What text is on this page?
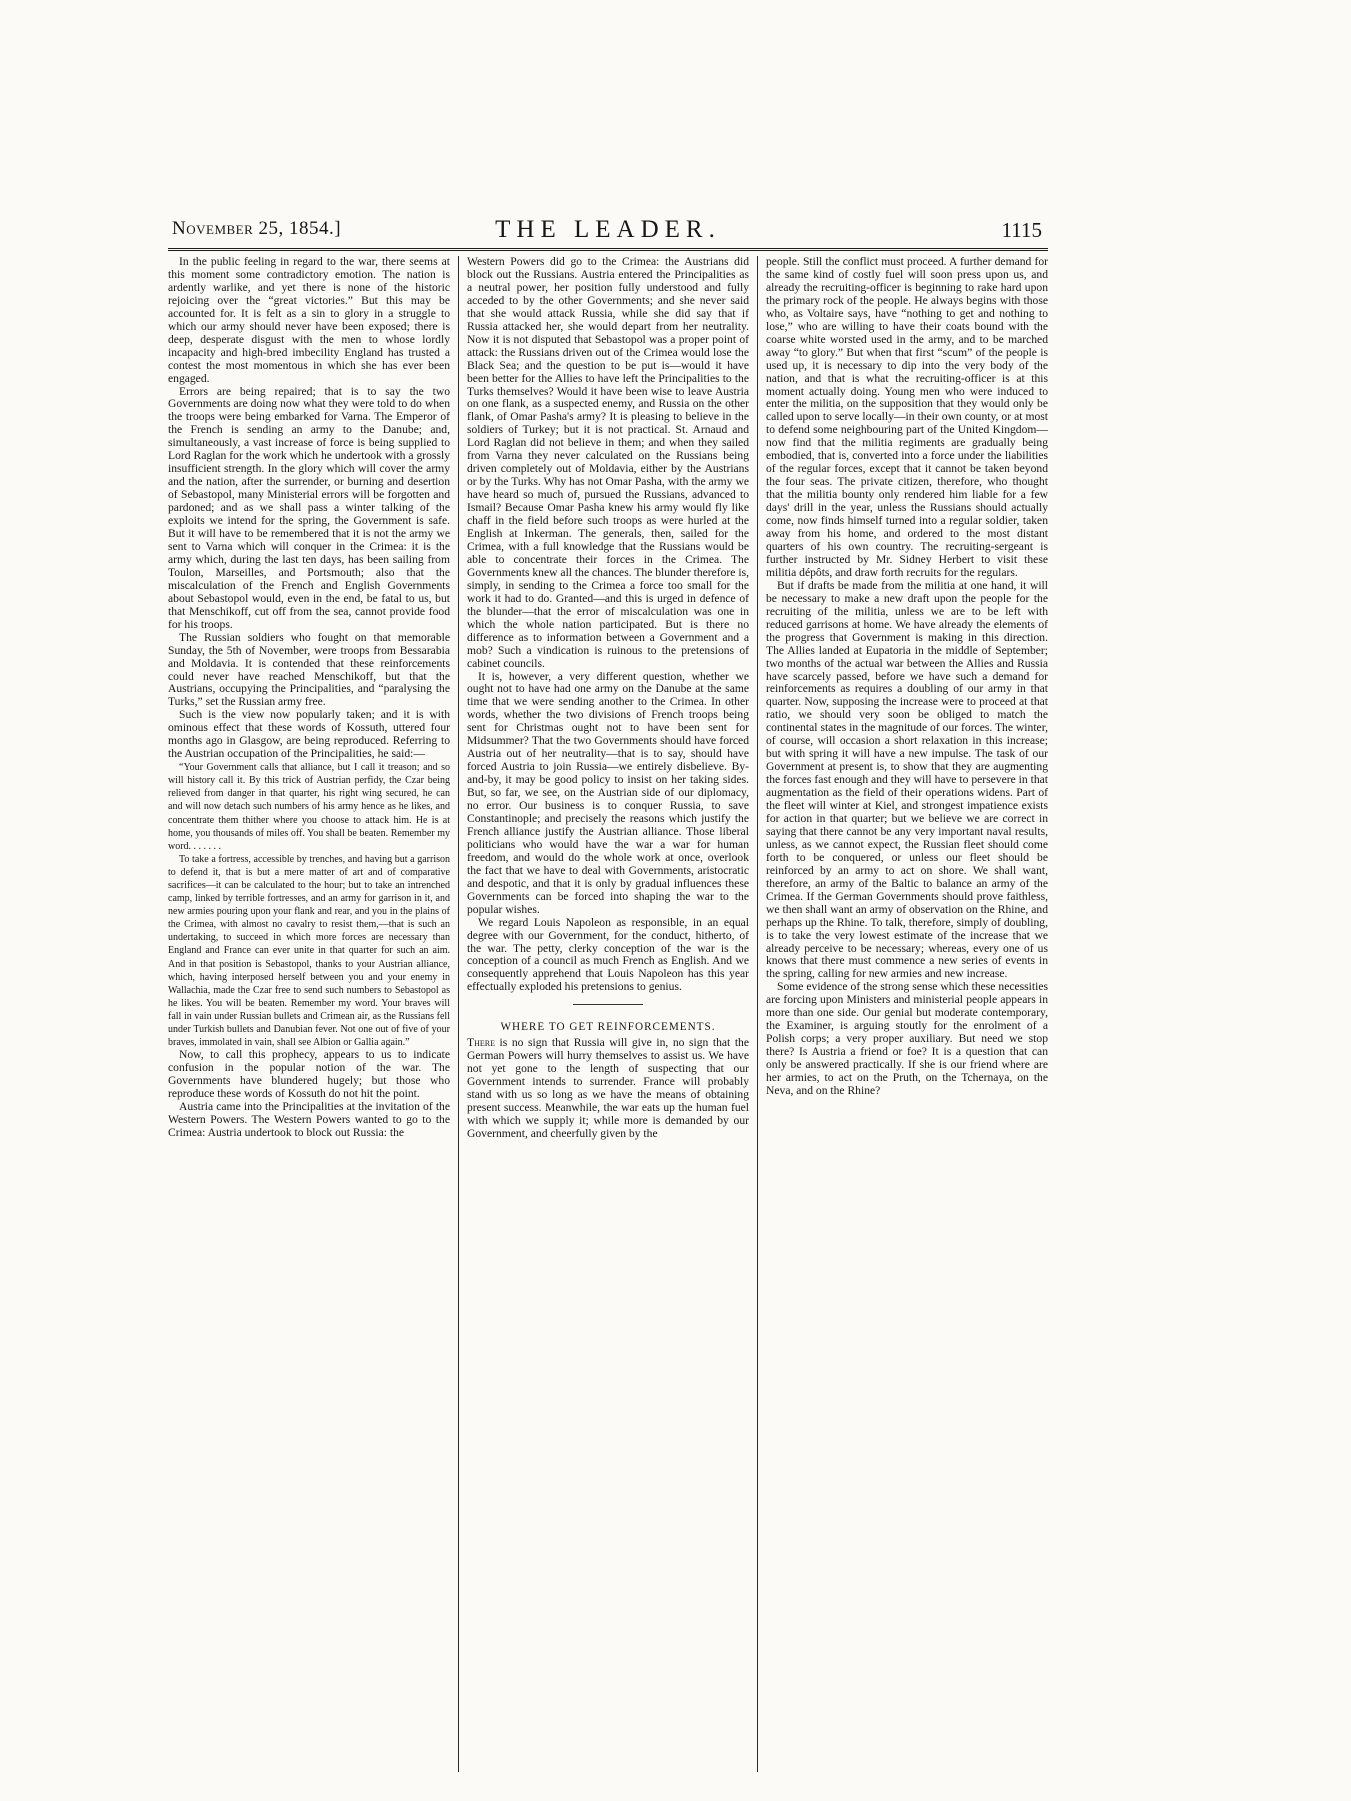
November 25, 1854.]	THE LEADER.	1115

In the public feeling in regard to the war, there seems at this moment some contradictory emotion. The nation is ardently warlike, and yet there is none of the historic rejoicing over the “great victories.” But this may be accounted for. It is felt as a sin to glory in a struggle to which our army should never have been exposed; there is deep, desperate disgust with the men to whose lordly incapacity and high-bred imbecility England has trusted a contest the most momentous in which she has ever been engaged.

Errors are being repaired; that is to say the two Governments are doing now what they were told to do when the troops were being embarked for Varna. The Emperor of the French is sending an army to the Danube; and, simultaneously, a vast increase of force is being supplied to Lord Raglan for the work which he undertook with a grossly insufficient strength. In the glory which will cover the army and the nation, after the surrender, or burning and desertion of Sebastopol, many Ministerial errors will be forgotten and pardoned; and as we shall pass a winter talking of the exploits we intend for the spring, the Government is safe. But it will have to be remembered that it is not the army we sent to Varna which will conquer in the Crimea: it is the army which, during the last ten days, has been sailing from Toulon, Marseilles, and Portsmouth; also that the miscalculation of the French and English Governments about Sebastopol would, even in the end, be fatal to us, but that Menschikoff, cut off from the sea, cannot provide food for his troops.

The Russian soldiers who fought on that memorable Sunday, the 5th of November, were troops from Bessarabia and Moldavia. It is contended that these reinforcements could never have reached Menschikoff, but that the Austrians, occupying the Principalities, and “paralysing the Turks,” set the Russian army free.

Such is the view now popularly taken; and it is with ominous effect that these words of Kossuth, uttered four months ago in Glasgow, are being reproduced. Referring to the Austrian occupation of the Principalities, he said:—

“Your Government calls that alliance, but I call it treason; and so will history call it. By this trick of Austrian perfidy, the Czar being relieved from danger in that quarter, his right wing secured, he can and will now detach such numbers of his army hence as he likes, and concentrate them thither where you choose to attack him. He is at home, you thousands of miles off. You shall be beaten. Remember my word. . . . . . .

To take a fortress, accessible by trenches, and having but a garrison to defend it, that is but a mere matter of art and of comparative sacrifices—it can be calculated to the hour; but to take an intrenched camp, linked by terrible fortresses, and an army for garrison in it, and new armies pouring upon your flank and rear, and you in the plains of the Crimea, with almost no cavalry to resist them,—that is such an undertaking, to succeed in which more forces are necessary than England and France can ever unite in that quarter for such an aim. And in that position is Sebastopol, thanks to your Austrian alliance, which, having interposed herself between you and your enemy in Wallachia, made the Czar free to send such numbers to Sebastopol as he likes. You will be beaten. Remember my word. Your braves will fall in vain under Russian bullets and Crimean air, as the Russians fell under Turkish bullets and Danubian fever. Not one out of five of your braves, immolated in vain, shall see Albion or Gallia again.”

Now, to call this prophecy, appears to us to indicate confusion in the popular notion of the war. The Governments have blundered hugely; but those who reproduce these words of Kossuth do not hit the point.

Austria came into the Principalities at the invitation of the Western Powers. The Western Powers wanted to go to the Crimea: Austria undertook to block out Russia: the

Western Powers did go to the Crimea: the Austrians did block out the Russians. Austria entered the Principalities as a neutral power, her position fully understood and fully acceded to by the other Governments; and she never said that she would attack Russia, while she did say that if Russia attacked her, she would depart from her neutrality. Now it is not disputed that Sebastopol was a proper point of attack: the Russians driven out of the Crimea would lose the Black Sea; and the question to be put is—would it have been better for the Allies to have left the Principalities to the Turks themselves? Would it have been wise to leave Austria on one flank, as a suspected enemy, and Russia on the other flank, of Omar Pasha's army? It is pleasing to believe in the soldiers of Turkey; but it is not practical. St. Arnaud and Lord Raglan did not believe in them; and when they sailed from Varna they never calculated on the Russians being driven completely out of Moldavia, either by the Austrians or by the Turks. Why has not Omar Pasha, with the army we have heard so much of, pursued the Russians, advanced to Ismail? Because Omar Pasha knew his army would fly like chaff in the field before such troops as were hurled at the English at Inkerman. The generals, then, sailed for the Crimea, with a full knowledge that the Russians would be able to concentrate their forces in the Crimea. The Governments knew all the chances. The blunder therefore is, simply, in sending to the Crimea a force too small for the work it had to do. Granted—and this is urged in defence of the blunder—that the error of miscalculation was one in which the whole nation participated. But is there no difference as to information between a Government and a mob? Such a vindication is ruinous to the pretensions of cabinet councils.

It is, however, a very different question, whether we ought not to have had one army on the Danube at the same time that we were sending another to the Crimea. In other words, whether the two divisions of French troops being sent for Christmas ought not to have been sent for Midsummer? That the two Governments should have forced Austria out of her neutrality—that is to say, should have forced Austria to join Russia—we entirely disbelieve. By-and-by, it may be good policy to insist on her taking sides. But, so far, we see, on the Austrian side of our diplomacy, no error. Our business is to conquer Russia, to save Constantinople; and precisely the reasons which justify the French alliance justify the Austrian alliance. Those liberal politicians who would have the war a war for human freedom, and would do the whole work at once, overlook the fact that we have to deal with Governments, aristocratic and despotic, and that it is only by gradual influences these Governments can be forced into shaping the war to the popular wishes.

We regard Louis Napoleon as responsible, in an equal degree with our Government, for the conduct, hitherto, of the war. The petty, clerky conception of the war is the conception of a council as much French as English. And we consequently apprehend that Louis Napoleon has this year effectually exploded his pretensions to genius.

WHERE TO GET REINFORCEMENTS.

There is no sign that Russia will give in, no sign that the German Powers will hurry themselves to assist us. We have not yet gone to the length of suspecting that our Government intends to surrender. France will probably stand with us so long as we have the means of obtaining present success. Meanwhile, the war eats up the human fuel with which we supply it; while more is demanded by our Government, and cheerfully given by the

people. Still the conflict must proceed. A further demand for the same kind of costly fuel will soon press upon us, and already the recruiting-officer is beginning to rake hard upon the primary rock of the people. He always begins with those who, as Voltaire says, have “nothing to get and nothing to lose,” who are willing to have their coats bound with the coarse white worsted used in the army, and to be marched away “to glory.” But when that first “scum” of the people is used up, it is necessary to dip into the very body of the nation, and that is what the recruiting-officer is at this moment actually doing. Young men who were induced to enter the militia, on the supposition that they would only be called upon to serve locally—in their own county, or at most to defend some neighbouring part of the United Kingdom—now find that the militia regiments are gradually being embodied, that is, converted into a force under the liabilities of the regular forces, except that it cannot be taken beyond the four seas. The private citizen, therefore, who thought that the militia bounty only rendered him liable for a few days' drill in the year, unless the Russians should actually come, now finds himself turned into a regular soldier, taken away from his home, and ordered to the most distant quarters of his own country. The recruiting-sergeant is further instructed by Mr. Sidney Herbert to visit these militia dépôts, and draw forth recruits for the regulars.

But if drafts be made from the militia at one hand, it will be necessary to make a new draft upon the people for the recruiting of the militia, unless we are to be left with reduced garrisons at home. We have already the elements of the progress that Government is making in this direction. The Allies landed at Eupatoria in the middle of September; two months of the actual war between the Allies and Russia have scarcely passed, before we have such a demand for reinforcements as requires a doubling of our army in that quarter. Now, supposing the increase were to proceed at that ratio, we should very soon be obliged to match the continental states in the magnitude of our forces. The winter, of course, will occasion a short relaxation in this increase; but with spring it will have a new impulse. The task of our Government at present is, to show that they are augmenting the forces fast enough and they will have to persevere in that augmentation as the field of their operations widens. Part of the fleet will winter at Kiel, and strongest impatience exists for action in that quarter; but we believe we are correct in saying that there cannot be any very important naval results, unless, as we cannot expect, the Russian fleet should come forth to be conquered, or unless our fleet should be reinforced by an army to act on shore. We shall want, therefore, an army of the Baltic to balance an army of the Crimea. If the German Governments should prove faithless, we then shall want an army of observation on the Rhine, and perhaps up the Rhine. To talk, therefore, simply of doubling, is to take the very lowest estimate of the increase that we already perceive to be necessary; whereas, every one of us knows that there must commence a new series of events in the spring, calling for new armies and new increase.

Some evidence of the strong sense which these necessities are forcing upon Ministers and ministerial people appears in more than one side. Our genial but moderate contemporary, the Examiner, is arguing stoutly for the enrolment of a Polish corps; a very proper auxiliary. But need we stop there? Is Austria a friend or foe? It is a question that can only be answered practically. If she is our friend where are her armies, to act on the Pruth, on the Tchernaya, on the Neva, and on the Rhine?
